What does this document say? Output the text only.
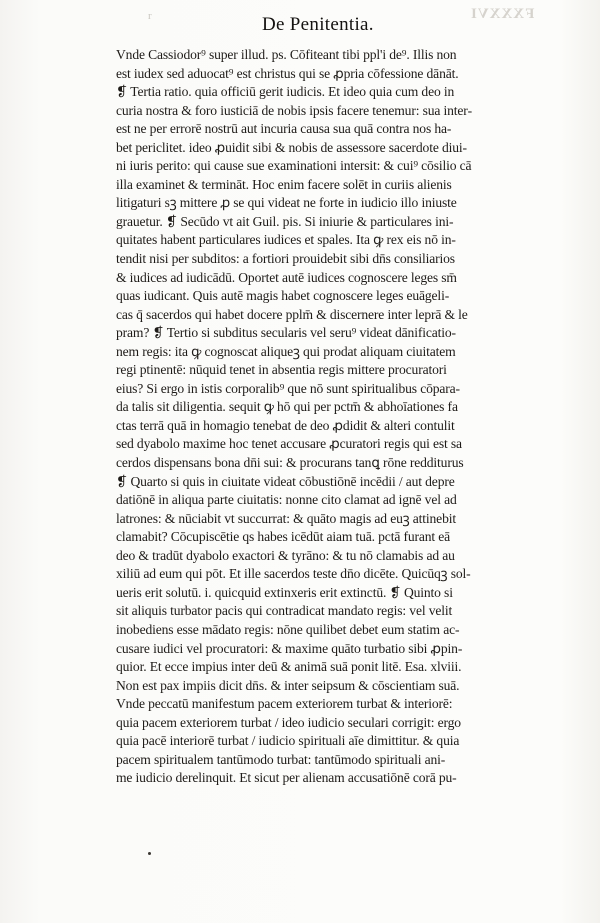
FXXXVI
r	De Penitentia.
Vnde Cassiodor⁹ super illud. ps. Cōfiteant tibi ppl'i de⁹. Illis non
est iudex sed aduocat⁹ est christus qui se ꝓpria cōfessione dānāt.
❡ Tertia ratio. quia officiū gerit iudicis. Et ideo quia cum deo in
curia nostra & foro iusticiā de nobis ipsis facere tenemur: sua inter‑
est ne per errorē nostrū aut incuria causa sua quā contra nos ha‑
bet periclitet. ideo ꝓuidit sibi & nobis de assessore sacerdote diui‑
ni iuris perito: qui cause sue examinationi intersit: & cui⁹ cōsilio cā
illa examinet & termināt. Hoc enim facere solēt in curiis alienis
litigaturi sꝫ mittere ꝓ se qui videat ne forte in iudicio illo iniuste
grauetur. ❡ Secūdo vt ait Guil. pis. Si iniurie & particulares ini‑
quitates habent particulares iudices et spales. Ita ꝙ rex eis nō in‑
tendit nisi per subditos: a fortiori prouidebit sibi dn̄s consiliarios
& iudices ad iudicādū. Oportet autē iudices cognoscere leges sm̄
quas iudicant. Quis autē magis habet cognoscere leges euāgeli‑
cas q̄ sacerdos qui habet docere pplm̄ & discernere inter leprā & le
pram? ❡ Tertio si subditus secularis vel seru⁹ videat dānificatio‑
nem regis: ita ꝙ cognoscat aliqueꝫ qui prodat aliquam ciuitatem
regi ptinentē: nūquid tenet in absentia regis mittere procuratori
eius? Si ergo in istis corporalib⁹ que nō sunt spiritualibus cōpara‑
da talis sit diligentia. sequit ꝙ hō qui per pctm̄ & abhoīationes fa
ctas terrā quā in homagio tenebat de deo ꝓdidit & alteri contulit
sed dyabolo maxime hoc tenet accusare ꝓcuratori regis qui est sa
cerdos dispensans bona dn̄i sui: & procurans tanꝗ rōne redditurus
❡ Quarto si quis in ciuitate videat cōbustiōnē incēdii / aut depre
datiōnē in aliqua parte ciuitatis: nonne cito clamat ad ignē vel ad
latrones: & nūciabit vt succurrat: & quāto magis ad euꝫ attinebit
clamabit? Cōcupiscētie qs habes icēdūt aiam tuā. pctā furant eā
deo & tradūt dyabolo exactori & tyrāno: & tu nō clamabis ad au
xiliū ad eum qui pōt. Et ille sacerdos teste dn̄o dicēte. Quicūqꝫ sol‑
ueris erit solutū. i. quicquid extinxeris erit extinctū. ❡ Quinto si
sit aliquis turbator pacis qui contradicat mandato regis: vel velit
inobediens esse mādato regis: nōne quilibet debet eum statim ac‑
cusare iudici vel procuratori: & maxime quāto turbatio sibi ꝓpin‑
quior. Et ecce impius inter deū & animā suā ponit litē. Esa. xlviii.
Non est pax impiis dicit dn̄s. & inter seipsum & cōscientiam suā.
Vnde peccatū manifestum pacem exteriorem turbat & interiorē:
quia pacem exteriorem turbat / ideo iudicio seculari corrigit: ergo
quia pacē interiorē turbat / iudicio spirituali aīe dimittitur. & quia
pacem spiritualem tantūmodo turbat: tantūmodo spirituali ani‑
me iudicio derelinquit. Et sicut per alienam accusatiōnē corā pu‑
